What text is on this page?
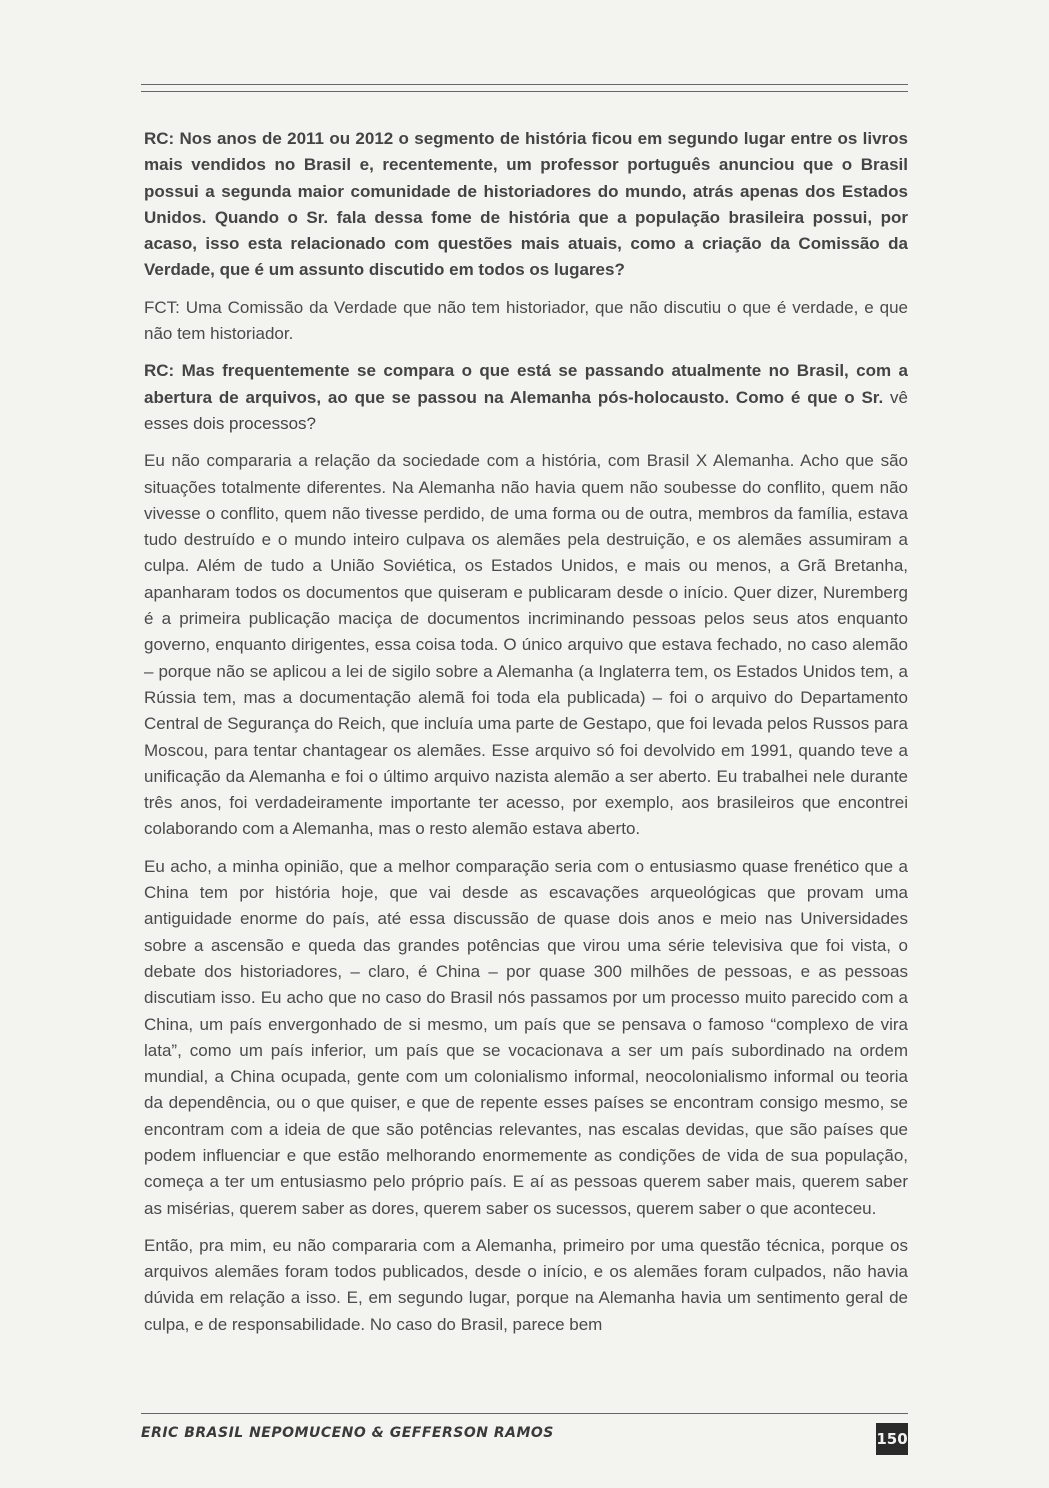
RC: Nos anos de 2011 ou 2012 o segmento de história ficou em segundo lugar entre os livros mais vendidos no Brasil e, recentemente, um professor português anunciou que o Brasil possui a segunda maior comunidade de historiadores do mundo, atrás apenas dos Estados Unidos. Quando o Sr. fala dessa fome de história que a população brasileira possui, por acaso, isso esta relacionado com questões mais atuais, como a criação da Comissão da Verdade, que é um assunto discutido em todos os lugares?

FCT: Uma Comissão da Verdade que não tem historiador, que não discutiu o que é verdade, e que não tem historiador.

RC: Mas frequentemente se compara o que está se passando atualmente no Brasil, com a abertura de arquivos, ao que se passou na Alemanha pós-holocausto. Como é que o Sr. vê esses dois processos?

Eu não compararia a relação da sociedade com a história, com Brasil X Alemanha. Acho que são situações totalmente diferentes. Na Alemanha não havia quem não soubesse do conflito, quem não vivesse o conflito, quem não tivesse perdido, de uma forma ou de outra, membros da família, estava tudo destruído e o mundo inteiro culpava os alemães pela destruição, e os alemães assumiram a culpa. Além de tudo a União Soviética, os Estados Unidos, e mais ou menos, a Grã Bretanha, apanharam todos os documentos que quiseram e publicaram desde o início. Quer dizer, Nuremberg é a primeira publicação maciça de documentos incriminando pessoas pelos seus atos enquanto governo, enquanto dirigentes, essa coisa toda. O único arquivo que estava fechado, no caso alemão – porque não se aplicou a lei de sigilo sobre a Alemanha (a Inglaterra tem, os Estados Unidos tem, a Rússia tem, mas a documentação alemã foi toda ela publicada) – foi o arquivo do Departamento Central de Segurança do Reich, que incluía uma parte de Gestapo, que foi levada pelos Russos para Moscou, para tentar chantagear os alemães. Esse arquivo só foi devolvido em 1991, quando teve a unificação da Alemanha e foi o último arquivo nazista alemão a ser aberto. Eu trabalhei nele durante três anos, foi verdadeiramente importante ter acesso, por exemplo, aos brasileiros que encontrei colaborando com a Alemanha, mas o resto alemão estava aberto.

Eu acho, a minha opinião, que a melhor comparação seria com o entusiasmo quase frenético que a China tem por história hoje, que vai desde as escavações arqueológicas que provam uma antiguidade enorme do país, até essa discussão de quase dois anos e meio nas Universidades sobre a ascensão e queda das grandes potências que virou uma série televisiva que foi vista, o debate dos historiadores, – claro, é China – por quase 300 milhões de pessoas, e as pessoas discutiam isso. Eu acho que no caso do Brasil nós passamos por um processo muito parecido com a China, um país envergonhado de si mesmo, um país que se pensava o famoso “complexo de vira lata”, como um país inferior, um país que se vocacionava a ser um país subordinado na ordem mundial, a China ocupada, gente com um colonialismo informal, neocolonialismo informal ou teoria da dependência, ou o que quiser, e que de repente esses países se encontram consigo mesmo, se encontram com a ideia de que são potências relevantes, nas escalas devidas, que são países que podem influenciar e que estão melhorando enormemente as condições de vida de sua população, começa a ter um entusiasmo pelo próprio país. E aí as pessoas querem saber mais, querem saber as misérias, querem saber as dores, querem saber os sucessos, querem saber o que aconteceu.

Então, pra mim, eu não compararia com a Alemanha, primeiro por uma questão técnica, porque os arquivos alemães foram todos publicados, desde o início, e os alemães foram culpados, não havia dúvida em relação a isso. E, em segundo lugar, porque na Alemanha havia um sentimento geral de culpa, e de responsabilidade. No caso do Brasil, parece bem

ERIC BRASIL NEPOMUCENO & GEFFERSON RAMOS	150
